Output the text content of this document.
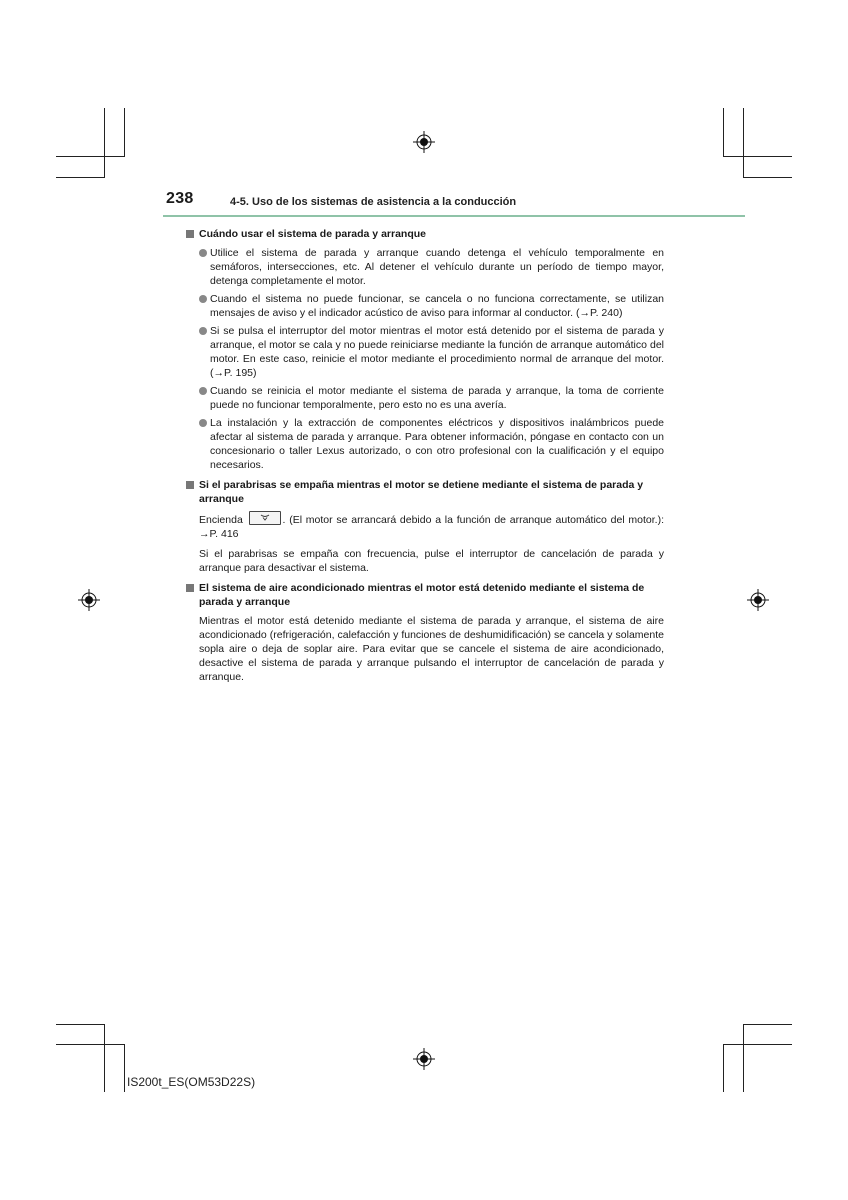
238	4-5. Uso de los sistemas de asistencia a la conducción
Cuándo usar el sistema de parada y arranque
Utilice el sistema de parada y arranque cuando detenga el vehículo temporalmente en semáforos, intersecciones, etc. Al detener el vehículo durante un período de tiempo mayor, detenga completamente el motor.
Cuando el sistema no puede funcionar, se cancela o no funciona correctamente, se utilizan mensajes de aviso y el indicador acústico de aviso para informar al conductor. (→P. 240)
Si se pulsa el interruptor del motor mientras el motor está detenido por el sistema de parada y arranque, el motor se cala y no puede reiniciarse mediante la función de arranque automático del motor. En este caso, reinicie el motor mediante el procedimiento normal de arranque del motor. (→P. 195)
Cuando se reinicia el motor mediante el sistema de parada y arranque, la toma de corriente puede no funcionar temporalmente, pero esto no es una avería.
La instalación y la extracción de componentes eléctricos y dispositivos inalámbricos puede afectar al sistema de parada y arranque. Para obtener información, póngase en contacto con un concesionario o taller Lexus autorizado, o con otro profesional con la cualificación y el equipo necesarios.
Si el parabrisas se empaña mientras el motor se detiene mediante el sistema de parada y arranque

Encienda	. (El motor se arrancará debido a la función de arranque automático del motor.): →P. 416

Si el parabrisas se empaña con frecuencia, pulse el interruptor de cancelación de parada y arranque para desactivar el sistema.

El sistema de aire acondicionado mientras el motor está detenido mediante el sistema de parada y arranque

Mientras el motor está detenido mediante el sistema de parada y arranque, el sistema de aire acondicionado (refrigeración, calefacción y funciones de deshumidificación) se cancela y solamente sopla aire o deja de soplar aire. Para evitar que se cancele el sistema de aire acondicionado, desactive el sistema de parada y arranque pulsando el interruptor de cancelación de parada y arranque.

IS200t_ES(OM53D22S)
